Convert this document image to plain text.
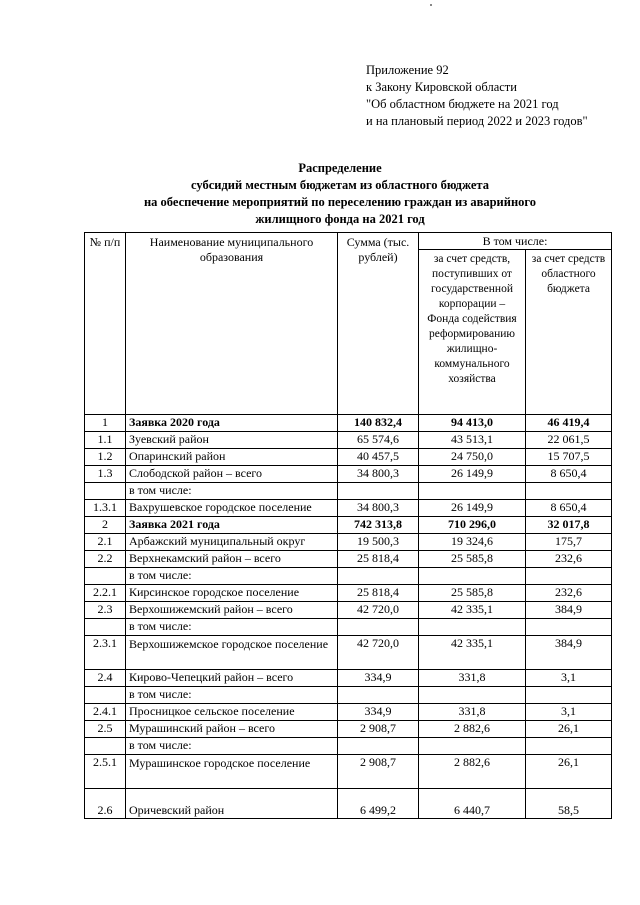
Приложение 92
к Закону Кировской области
"Об областном бюджете на 2021 год
и на плановый период 2022 и 2023 годов"
Распределение
субсидий местным бюджетам из областного бюджета
на обеспечение мероприятий по переселению граждан из аварийного
жилищного фонда на 2021 год
№ п/п	Наименование муниципального образования	Сумма (тыс. рублей)	В том числе:	
			за счет средств, поступивших от государственной корпорации – Фонда содействия реформированию жилищно-коммунального хозяйства	за счет средств областного бюджета
1	Заявка 2020 года	140 832,4	94 413,0	46 419,4
1.1	Зуевский район	65 574,6	43 513,1	22 061,5
1.2	Опаринский район	40 457,5	24 750,0	15 707,5
1.3	Слободской район – всего	34 800,3	26 149,9	8 650,4
	в том числе:			
1.3.1	Вахрушевское городское поселение	34 800,3	26 149,9	8 650,4
2	Заявка 2021 года	742 313,8	710 296,0	32 017,8
2.1	Арбажский муниципальный округ	19 500,3	19 324,6	175,7
2.2	Верхнекамский район – всего	25 818,4	25 585,8	232,6
	в том числе:			
2.2.1	Кирсинское городское поселение	25 818,4	25 585,8	232,6
2.3	Верхошижемский район – всего	42 720,0	42 335,1	384,9
	в том числе:			
2.3.1	Верхошижемское городское поселение	42 720,0	42 335,1	384,9
2.4	Кирово-Чепецкий район – всего	334,9	331,8	3,1
	в том числе:			
2.4.1	Просницкое сельское поселение	334,9	331,8	3,1
2.5	Мурашинский район – всего	2 908,7	2 882,6	26,1
	в том числе:			
2.5.1	Мурашинское городское поселение	2 908,7	2 882,6	26,1
2.6	Оричевский район	6 499,2	6 440,7	58,5
